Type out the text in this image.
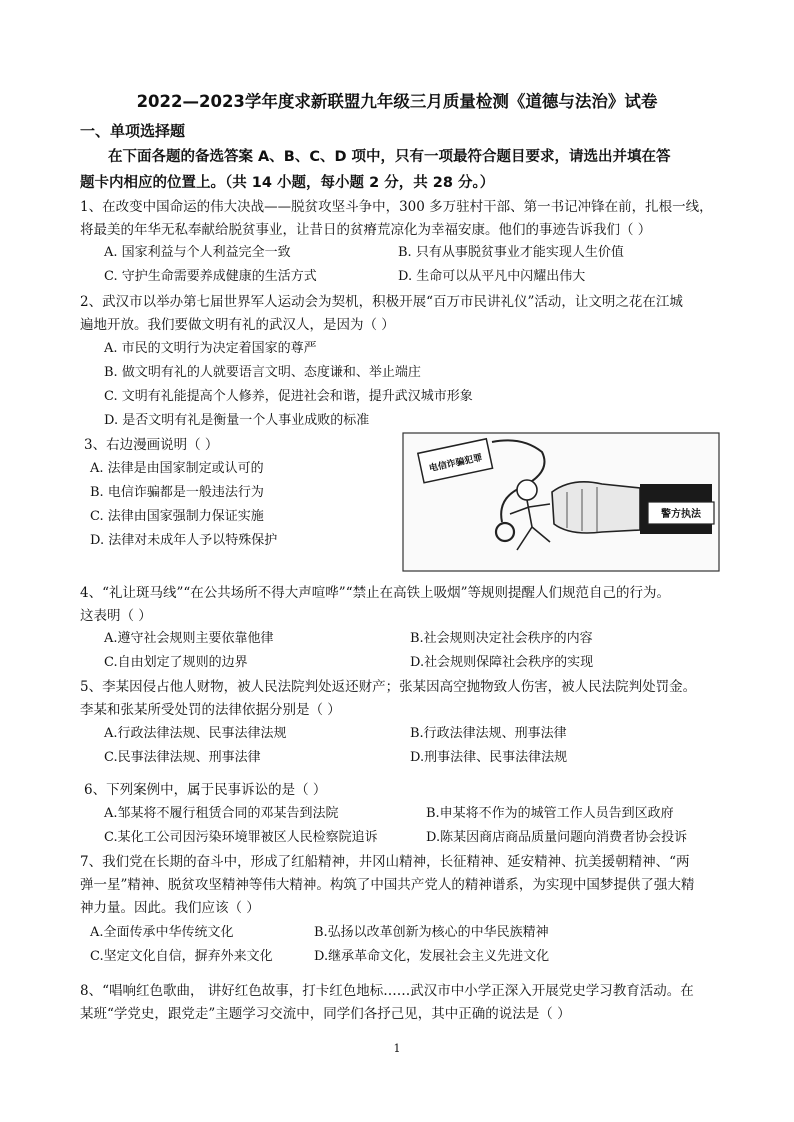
2022—2023学年度求新联盟九年级三月质量检测《道德与法治》试卷
一、单项选择题
在下面各题的备选答案 A、B、C、D 项中，只有一项最符合题目要求，请选出并填在答
题卡内相应的位置上。（共 14 小题，每小题 2 分，共 28 分。）
1、在改变中国命运的伟大决战——脱贫攻坚斗争中，300 多万驻村干部、第一书记冲锋在前，扎根一线，
将最美的年华无私奉献给脱贫事业，让昔日的贫瘠荒凉化为幸福安康。他们的事迹告诉我们（ ）
A. 国家利益与个人利益完全一致	B. 只有从事脱贫事业才能实现人生价值
C. 守护生命需要养成健康的生活方式	D. 生命可以从平凡中闪耀出伟大
2、武汉市以举办第七届世界军人运动会为契机，积极开展“百万市民讲礼仪”活动，让文明之花在江城
遍地开放。我们要做文明有礼的武汉人，是因为（ ）
A. 市民的文明行为决定着国家的尊严
B. 做文明有礼的人就要语言文明、态度谦和、举止端庄
C. 文明有礼能提高个人修养，促进社会和谐，提升武汉城市形象
D. 是否文明有礼是衡量一个人事业成败的标准
3、右边漫画说明（ ）
A. 法律是由国家制定或认可的
B. 电信诈骗都是一般违法行为
C. 法律由国家强制力保证实施
D. 法律对未成年人予以特殊保护
电信诈骗犯罪
警方执法
4、“礼让斑马线”“在公共场所不得大声喧哗”“禁止在高铁上吸烟”等规则提醒人们规范自己的行为。
这表明（ ）
A.遵守社会规则主要依靠他律	B.社会规则决定社会秩序的内容
C.自由划定了规则的边界	D.社会规则保障社会秩序的实现
5、李某因侵占他人财物，被人民法院判处返还财产；张某因高空抛物致人伤害，被人民法院判处罚金。
李某和张某所受处罚的法律依据分别是（ ）
A.行政法律法规、民事法律法规	B.行政法律法规、刑事法律
C.民事法律法规、刑事法律	D.刑事法律、民事法律法规
6、下列案例中，属于民事诉讼的是（ ）
A.邹某将不履行租赁合同的邓某告到法院	B.申某将不作为的城管工作人员告到区政府
C.某化工公司因污染环境罪被区人民检察院追诉	D.陈某因商店商品质量问题向消费者协会投诉
7、我们党在长期的奋斗中，形成了红船精神，井冈山精神，长征精神、延安精神、抗美援朝精神、“两
弹一星”精神、脱贫攻坚精神等伟大精神。构筑了中国共产党人的精神谱系，为实现中国梦提供了强大精
神力量。因此。我们应该（ ）
A.全面传承中华传统文化	B.弘扬以改革创新为核心的中华民族精神
C.坚定文化自信，摒弃外来文化	D.继承革命文化，发展社会主义先进文化
8、“唱响红色歌曲， 讲好红色故事，打卡红色地标……武汉市中小学正深入开展党史学习教育活动。在
某班“学党史，跟党走”主题学习交流中，同学们各抒己见，其中正确的说法是（ ）
1
